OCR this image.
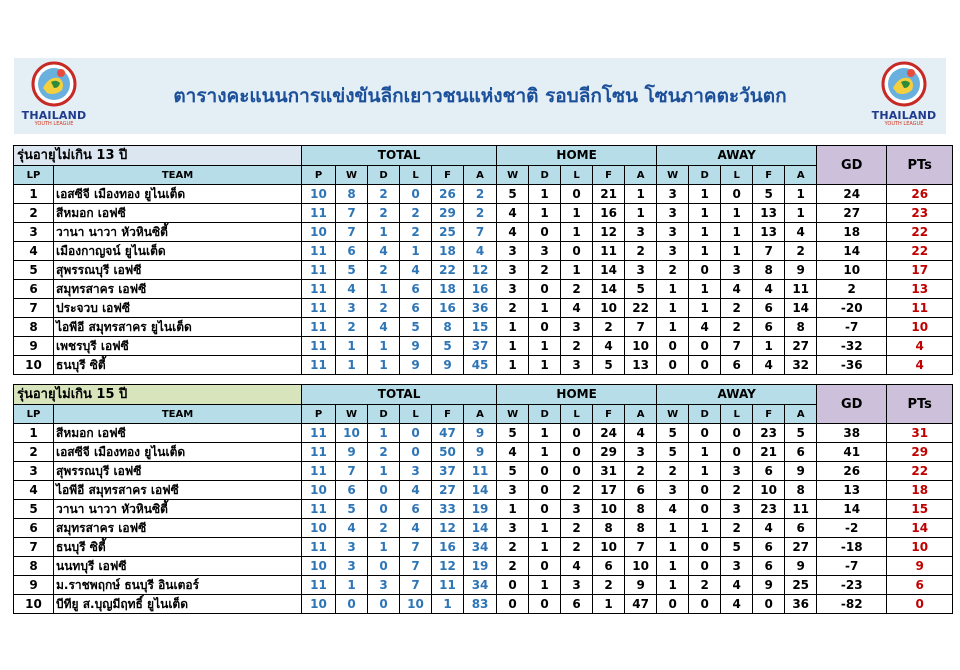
THAILAND
YOUTH LEAGUE
ตารางคะแนนการแข่งขันลีกเยาวชนแห่งชาติ รอบลีกโซน โซนภาคตะวันตก
THAILAND
YOUTH LEAGUE
รุ่นอายุไม่เกิน 13 ปี		TOTAL						HOME					AWAY					GD	PTs
LP	TEAM	P	W	D	L	F	A	W	D	L	F	A	W	D	L	F	A		
1	เอสซีจี เมืองทอง ยูไนเต็ด	10	8	2	0	26	2	5	1	0	21	1	3	1	0	5	1	24	26
2	สีหมอก เอฟซี	11	7	2	2	29	2	4	1	1	16	1	3	1	1	13	1	27	23
3	วานา นาวา หัวหินซิตี้	10	7	1	2	25	7	4	0	1	12	3	3	1	1	13	4	18	22
4	เมืองกาญจน์ ยูไนเต็ด	11	6	4	1	18	4	3	3	0	11	2	3	1	1	7	2	14	22
5	สุพรรณบุรี เอฟซี	11	5	2	4	22	12	3	2	1	14	3	2	0	3	8	9	10	17
6	สมุทรสาคร เอฟซี	11	4	1	6	18	16	3	0	2	14	5	1	1	4	4	11	2	13
7	ประจวบ เอฟซี	11	3	2	6	16	36	2	1	4	10	22	1	1	2	6	14	-20	11
8	ไอพีอี สมุทรสาคร ยูไนเต็ด	11	2	4	5	8	15	1	0	3	2	7	1	4	2	6	8	-7	10
9	เพชรบุรี เอฟซี	11	1	1	9	5	37	1	1	2	4	10	0	0	7	1	27	-32	4
10	ธนบุรี ซิตี้	11	1	1	9	9	45	1	1	3	5	13	0	0	6	4	32	-36	4
รุ่นอายุไม่เกิน 15 ปี		TOTAL						HOME					AWAY					GD	PTs
LP	TEAM	P	W	D	L	F	A	W	D	L	F	A	W	D	L	F	A		
1	สีหมอก เอฟซี	11	10	1	0	47	9	5	1	0	24	4	5	0	0	23	5	38	31
2	เอสซีจี เมืองทอง ยูไนเต็ด	11	9	2	0	50	9	4	1	0	29	3	5	1	0	21	6	41	29
3	สุพรรณบุรี เอฟซี	11	7	1	3	37	11	5	0	0	31	2	2	1	3	6	9	26	22
4	ไอพีอี สมุทรสาคร เอฟซี	10	6	0	4	27	14	3	0	2	17	6	3	0	2	10	8	13	18
5	วานา นาวา หัวหินซิตี้	11	5	0	6	33	19	1	0	3	10	8	4	0	3	23	11	14	15
6	สมุทรสาคร เอฟซี	10	4	2	4	12	14	3	1	2	8	8	1	1	2	4	6	-2	14
7	ธนบุรี ซิตี้	11	3	1	7	16	34	2	1	2	10	7	1	0	5	6	27	-18	10
8	นนทบุรี เอฟซี	10	3	0	7	12	19	2	0	4	6	10	1	0	3	6	9	-7	9
9	ม.ราชพฤกษ์ ธนบุรี อินเตอร์	11	1	3	7	11	34	0	1	3	2	9	1	2	4	9	25	-23	6
10	บีทียู ส.บุญมีฤทธิ์ ยูไนเต็ด	10	0	0	10	1	83	0	0	6	1	47	0	0	4	0	36	-82	0
